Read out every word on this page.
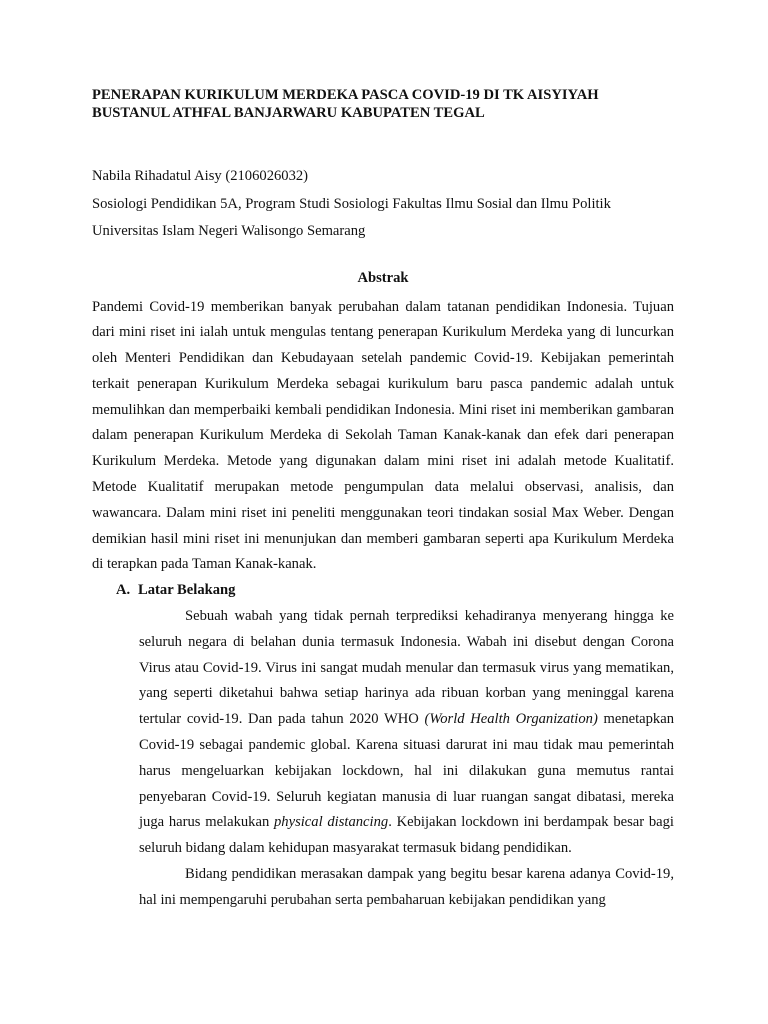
PENERAPAN KURIKULUM MERDEKA PASCA COVID-19 DI TK AISYIYAH
BUSTANUL ATHFAL BANJARWARU KABUPATEN TEGAL

Nabila Rihadatul Aisy (2106026032)

Sosiologi Pendidikan 5A, Program Studi Sosiologi Fakultas Ilmu Sosial dan Ilmu Politik

Universitas Islam Negeri Walisongo Semarang

Abstrak

Pandemi Covid-19 memberikan banyak perubahan dalam tatanan pendidikan Indonesia. Tujuan dari mini riset ini ialah untuk mengulas tentang penerapan Kurikulum Merdeka yang di luncurkan oleh Menteri Pendidikan dan Kebudayaan setelah pandemic Covid-19. Kebijakan pemerintah terkait penerapan Kurikulum Merdeka sebagai kurikulum baru pasca pandemic adalah untuk memulihkan dan memperbaiki kembali pendidikan Indonesia. Mini riset ini memberikan gambaran dalam penerapan Kurikulum Merdeka di Sekolah Taman Kanak-kanak dan efek dari penerapan Kurikulum Merdeka. Metode yang digunakan dalam mini riset ini adalah metode Kualitatif. Metode Kualitatif merupakan metode pengumpulan data melalui observasi, analisis, dan wawancara. Dalam mini riset ini peneliti menggunakan teori tindakan sosial Max Weber. Dengan demikian hasil mini riset ini menunjukan dan memberi gambaran seperti apa Kurikulum Merdeka di terapkan pada Taman Kanak-kanak.

A. Latar Belakang

Sebuah wabah yang tidak pernah terprediksi kehadiranya menyerang hingga ke seluruh negara di belahan dunia termasuk Indonesia. Wabah ini disebut dengan Corona Virus atau Covid-19. Virus ini sangat mudah menular dan termasuk virus yang mematikan, yang seperti diketahui bahwa setiap harinya ada ribuan korban yang meninggal karena tertular covid-19. Dan pada tahun 2020 WHO (World Health Organization) menetapkan Covid-19 sebagai pandemic global. Karena situasi darurat ini mau tidak mau pemerintah harus mengeluarkan kebijakan lockdown, hal ini dilakukan guna memutus rantai penyebaran Covid-19. Seluruh kegiatan manusia di luar ruangan sangat dibatasi, mereka juga harus melakukan physical distancing. Kebijakan lockdown ini berdampak besar bagi seluruh bidang dalam kehidupan masyarakat termasuk bidang pendidikan.

Bidang pendidikan merasakan dampak yang begitu besar karena adanya Covid-19, hal ini mempengaruhi perubahan serta pembaharuan kebijakan pendidikan yang
